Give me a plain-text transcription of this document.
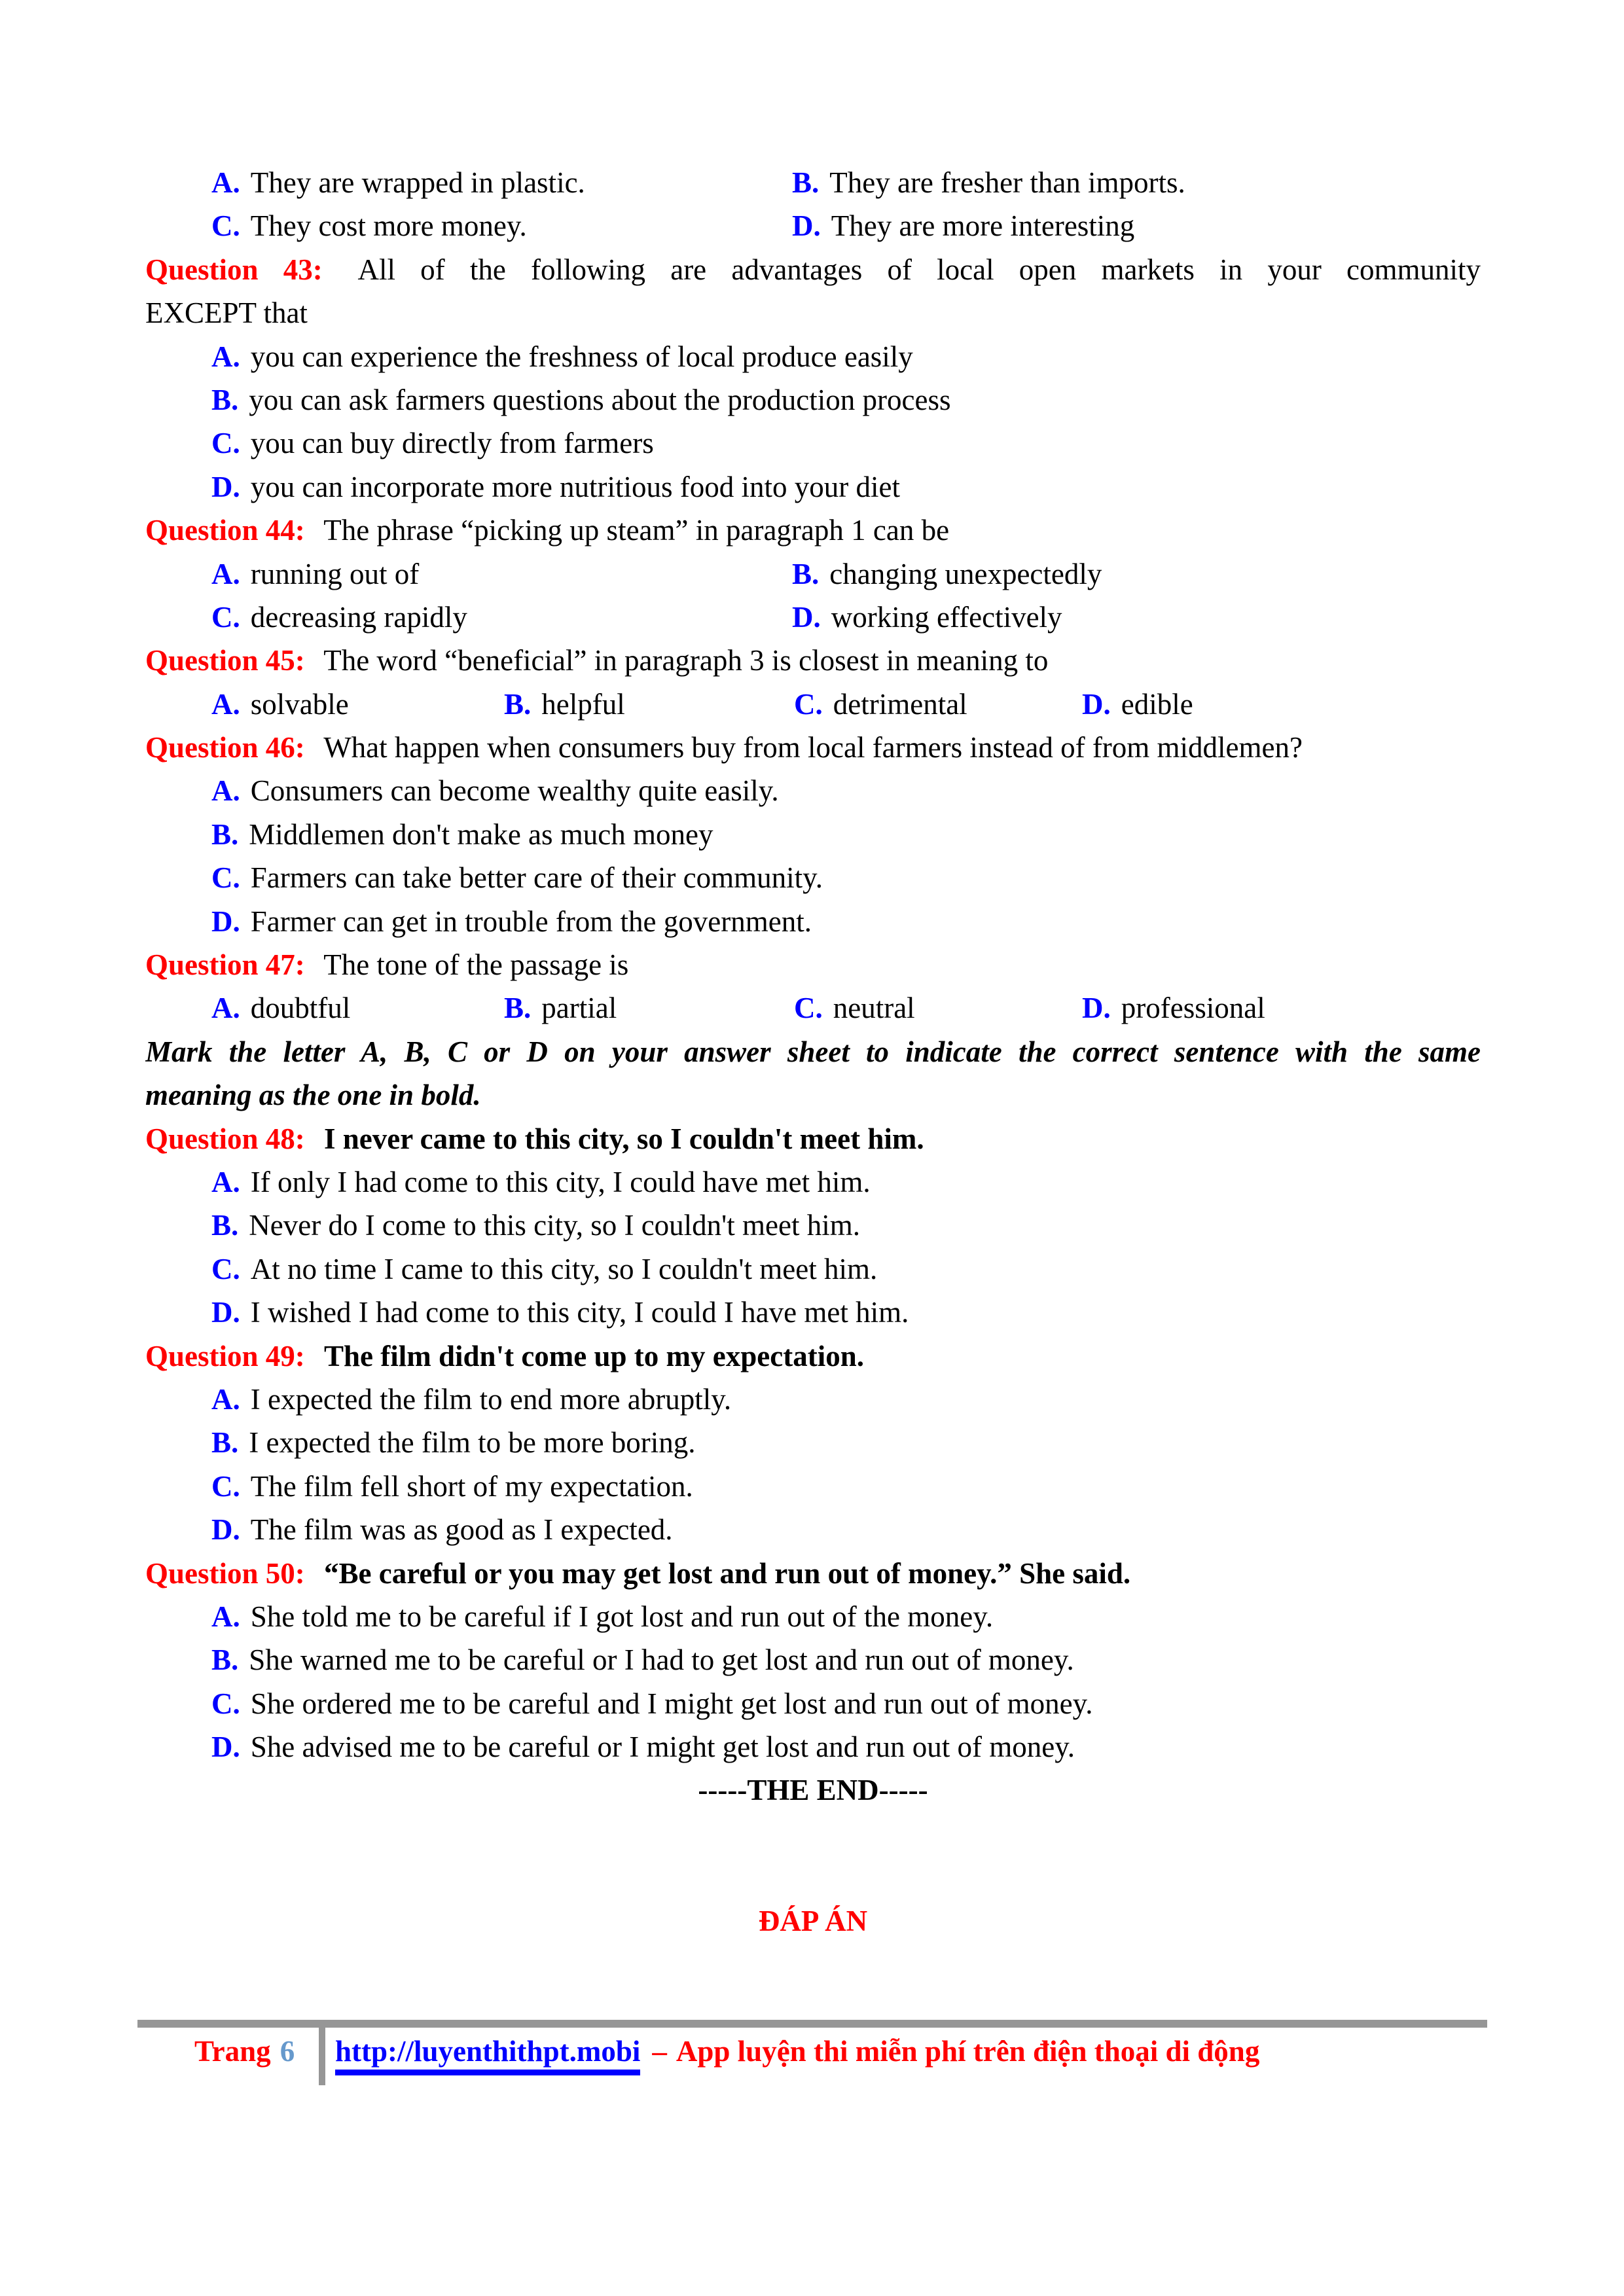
A. They are wrapped in plastic.	B. They are fresher than imports.
C. They cost more money.	D. They are more interesting
Question 43: All of the following are advantages of local open markets in your community
EXCEPT that
A. you can experience the freshness of local produce easily
B. you can ask farmers questions about the production process
C. you can buy directly from farmers
D. you can incorporate more nutritious food into your diet
Question 44: The phrase “picking up steam” in paragraph 1 can be
A. running out of	B. changing unexpectedly
C. decreasing rapidly	D. working effectively
Question 45: The word “beneficial” in paragraph 3 is closest in meaning to
A. solvable	B. helpful	C. detrimental	D. edible
Question 46: What happen when consumers buy from local farmers instead of from middlemen?
A. Consumers can become wealthy quite easily.
B. Middlemen don't make as much money
C. Farmers can take better care of their community.
D. Farmer can get in trouble from the government.
Question 47: The tone of the passage is
A. doubtful	B. partial	C. neutral	D. professional
Mark the letter A, B, C or D on your answer sheet to indicate the correct sentence with the same
meaning as the one in bold.
Question 48: I never came to this city, so I couldn't meet him.
A. If only I had come to this city, I could have met him.
B. Never do I come to this city, so I couldn't meet him.
C. At no time I came to this city, so I couldn't meet him.
D. I wished I had come to this city, I could I have met him.
Question 49: The film didn't come up to my expectation.
A. I expected the film to end more abruptly.
B. I expected the film to be more boring.
C. The film fell short of my expectation.
D. The film was as good as I expected.
Question 50: “Be careful or you may get lost and run out of money.” She said.
A. She told me to be careful if I got lost and run out of the money.
B. She warned me to be careful or I had to get lost and run out of money.
C. She ordered me to be careful and I might get lost and run out of money.
D. She advised me to be careful or I might get lost and run out of money.
-----THE END-----
ĐÁP ÁN
Trang 6 http://luyenthithpt.mobi – App luyện thi miễn phí trên điện thoại di động
